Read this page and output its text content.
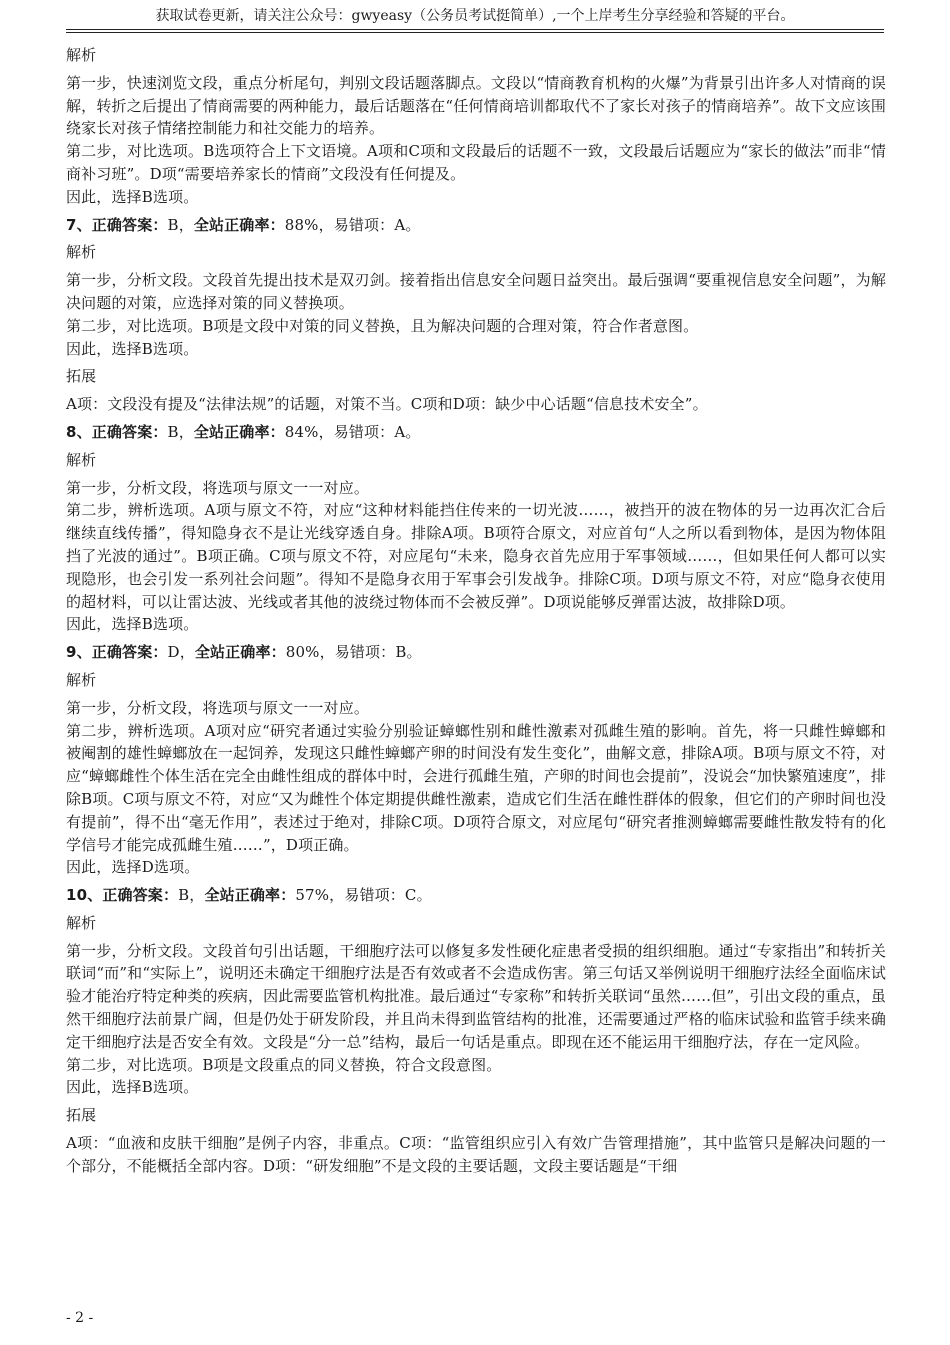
获取试卷更新，请关注公众号：gwyeasy（公务员考试挺简单）,一个上岸考生分享经验和答疑的平台。

解析

第一步，快速浏览文段，重点分析尾句，判别文段话题落脚点。文段以“情商教育机构的火爆”为背景引出许多人对情商的误解，转折之后提出了情商需要的两种能力，最后话题落在“任何情商培训都取代不了家长对孩子的情商培养”。故下文应该围绕家长对孩子情绪控制能力和社交能力的培养。

第二步，对比选项。B选项符合上下文语境。A项和C项和文段最后的话题不一致，文段最后话题应为“家长的做法”而非“情商补习班”。D项“需要培养家长的情商”文段没有任何提及。

因此，选择B选项。

7、正确答案：B，全站正确率：88%，易错项：A。

解析

第一步，分析文段。文段首先提出技术是双刃剑。接着指出信息安全问题日益突出。最后强调“要重视信息安全问题”，为解决问题的对策，应选择对策的同义替换项。

第二步，对比选项。B项是文段中对策的同义替换，且为解决问题的合理对策，符合作者意图。

因此，选择B选项。

拓展

A项：文段没有提及“法律法规”的话题，对策不当。C项和D项：缺少中心话题“信息技术安全”。

8、正确答案：B，全站正确率：84%，易错项：A。

解析

第一步，分析文段，将选项与原文一一对应。

第二步，辨析选项。A项与原文不符，对应“这种材料能挡住传来的一切光波……，被挡开的波在物体的另一边再次汇合后继续直线传播”，得知隐身衣不是让光线穿透自身。排除A项。B项符合原文，对应首句“人之所以看到物体，是因为物体阻挡了光波的通过”。B项正确。C项与原文不符，对应尾句“未来，隐身衣首先应用于军事领域……，但如果任何人都可以实现隐形，也会引发一系列社会问题”。得知不是隐身衣用于军事会引发战争。排除C项。D项与原文不符，对应“隐身衣使用的超材料，可以让雷达波、光线或者其他的波绕过物体而不会被反弹”。D项说能够反弹雷达波，故排除D项。

因此，选择B选项。

9、正确答案：D，全站正确率：80%，易错项：B。

解析

第一步，分析文段，将选项与原文一一对应。

第二步，辨析选项。A项对应“研究者通过实验分别验证蟑螂性别和雌性激素对孤雌生殖的影响。首先，将一只雌性蟑螂和被阉割的雄性蟑螂放在一起饲养，发现这只雌性蟑螂产卵的时间没有发生变化”，曲解文意，排除A项。B项与原文不符，对应“蟑螂雌性个体生活在完全由雌性组成的群体中时，会进行孤雌生殖，产卵的时间也会提前”，没说会“加快繁殖速度”，排除B项。C项与原文不符，对应“又为雌性个体定期提供雌性激素，造成它们生活在雌性群体的假象，但它们的产卵时间也没有提前”，得不出“毫无作用”，表述过于绝对，排除C项。D项符合原文，对应尾句“研究者推测蟑螂需要雌性散发特有的化学信号才能完成孤雌生殖……”，D项正确。

因此，选择D选项。

10、正确答案：B，全站正确率：57%，易错项：C。

解析

第一步，分析文段。文段首句引出话题，干细胞疗法可以修复多发性硬化症患者受损的组织细胞。通过“专家指出”和转折关联词“而”和“实际上”，说明还未确定干细胞疗法是否有效或者不会造成伤害。第三句话又举例说明干细胞疗法经全面临床试验才能治疗特定种类的疾病，因此需要监管机构批准。最后通过“专家称”和转折关联词“虽然……但”，引出文段的重点，虽然干细胞疗法前景广阔，但是仍处于研发阶段，并且尚未得到监管结构的批准，还需要通过严格的临床试验和监管手续来确定干细胞疗法是否安全有效。文段是“分一总”结构，最后一句话是重点。即现在还不能运用干细胞疗法，存在一定风险。

第二步，对比选项。B项是文段重点的同义替换，符合文段意图。

因此，选择B选项。

拓展

A项：“血液和皮肤干细胞”是例子内容，非重点。C项：“监管组织应引入有效广告管理措施”，其中监管只是解决问题的一个部分，不能概括全部内容。D项：“研发细胞”不是文段的主要话题，文段主要话题是“干细

- 2 -
